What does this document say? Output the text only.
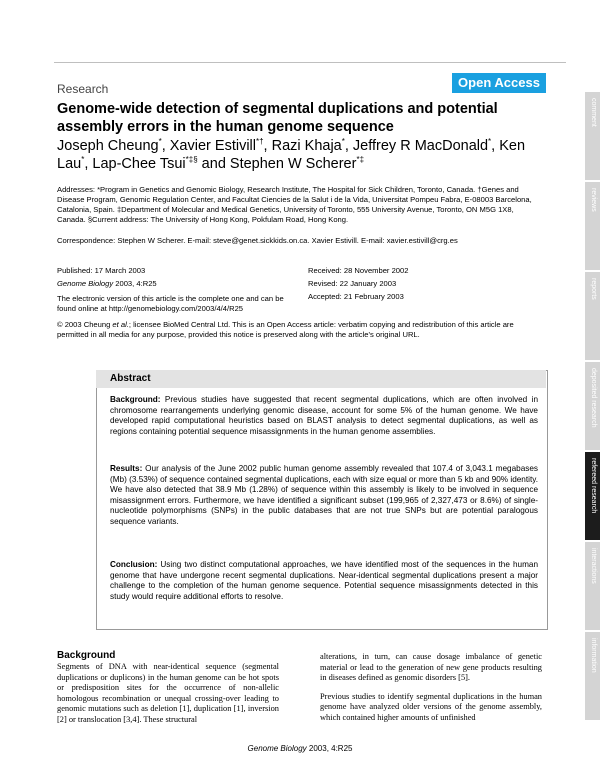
Research	Open Access
Genome-wide detection of segmental duplications and potential assembly errors in the human genome sequence
Joseph Cheung*, Xavier Estivill*†, Razi Khaja*, Jeffrey R MacDonald*, Ken Lau*, Lap-Chee Tsui*‡§ and Stephen W Scherer*‡
Addresses: *Program in Genetics and Genomic Biology, Research Institute, The Hospital for Sick Children, Toronto, Canada. †Genes and Disease Program, Genomic Regulation Center, and Facultat Ciencies de la Salut i de la Vida, Universitat Pompeu Fabra, E-08003 Barcelona, Catalonia, Spain. ‡Department of Molecular and Medical Genetics, University of Toronto, 555 University Avenue, Toronto, ON M5G 1X8, Canada. §Current address: The University of Hong Kong, Pokfulam Road, Hong Kong.
Correspondence: Stephen W Scherer. E-mail: steve@genet.sickkids.on.ca. Xavier Estivill. E-mail: xavier.estivill@crg.es
Published: 17 March 2003
Genome Biology 2003, 4:R25
The electronic version of this article is the complete one and can be found online at http://genomebiology.com/2003/4/4/R25
Received: 28 November 2002
Revised: 22 January 2003
Accepted: 21 February 2003
© 2003 Cheung et al.; licensee BioMed Central Ltd. This is an Open Access article: verbatim copying and redistribution of this article are permitted in all media for any purpose, provided this notice is preserved along with the article's original URL.
Abstract
Background: Previous studies have suggested that recent segmental duplications, which are often involved in chromosome rearrangements underlying genomic disease, account for some 5% of the human genome. We have developed rapid computational heuristics based on BLAST analysis to detect segmental duplications, as well as regions containing potential sequence misassignments in the human genome assemblies.
Results: Our analysis of the June 2002 public human genome assembly revealed that 107.4 of 3,043.1 megabases (Mb) (3.53%) of sequence contained segmental duplications, each with size equal or more than 5 kb and 90% identity. We have also detected that 38.9 Mb (1.28%) of sequence within this assembly is likely to be involved in sequence misassignment errors. Furthermore, we have identified a significant subset (199,965 of 2,327,473 or 8.6%) of single-nucleotide polymorphisms (SNPs) in the public databases that are not true SNPs but are potential paralogous sequence variants.
Conclusion: Using two distinct computational approaches, we have identified most of the sequences in the human genome that have undergone recent segmental duplications. Near-identical segmental duplications present a major challenge to the completion of the human genome sequence. Potential sequence misassignments detected in this study would require additional efforts to resolve.
Background
Segments of DNA with near-identical sequence (segmental duplications or duplicons) in the human genome can be hot spots or predisposition sites for the occurrence of non-allelic homologous recombination or unequal crossing-over leading to genomic mutations such as deletion [1], duplication [1], inversion [2] or translocation [3,4]. These structural

alterations, in turn, can cause dosage imbalance of genetic material or lead to the generation of new gene products resulting in diseases defined as genomic disorders [5].

Previous studies to identify segmental duplications in the human genome have analyzed older versions of the genome assembly, which contained higher amounts of unfinished

Genome Biology 2003, 4:R25
comment
reviews
reports
deposited research
refereed research
interactions
information
